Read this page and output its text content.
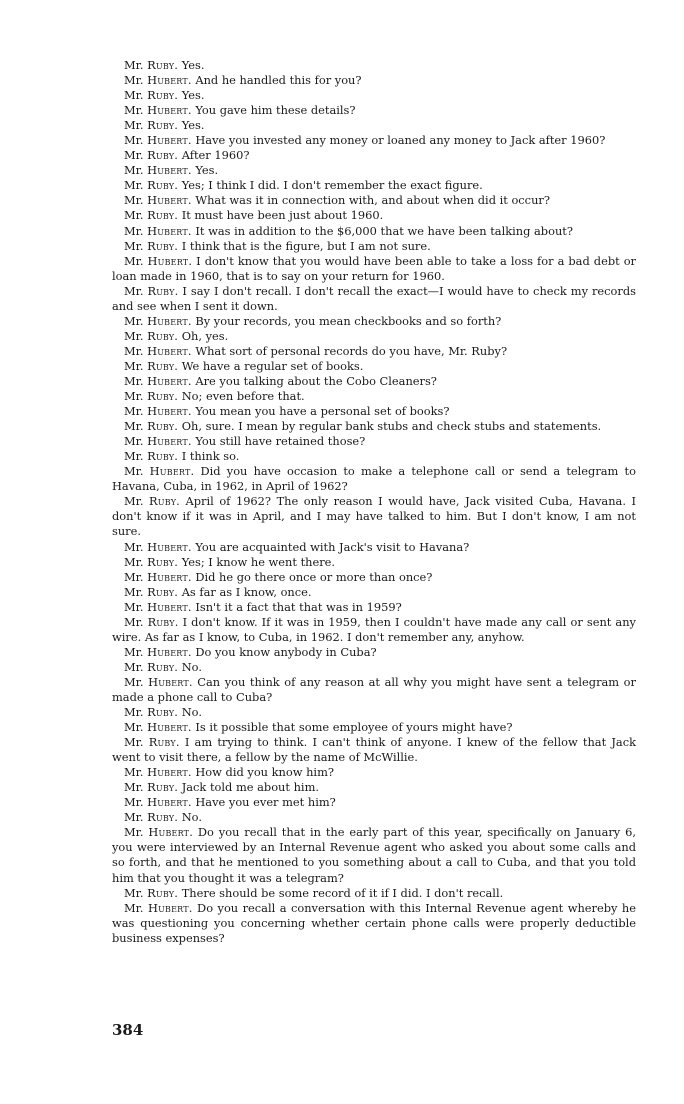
Mr. Ruby. Yes.

Mr. Hubert. And he handled this for you?

Mr. Ruby. Yes.

Mr. Hubert. You gave him these details?

Mr. Ruby. Yes.

Mr. Hubert. Have you invested any money or loaned any money to Jack after 1960?

Mr. Ruby. After 1960?

Mr. Hubert. Yes.

Mr. Ruby. Yes; I think I did. I don't remember the exact figure.

Mr. Hubert. What was it in connection with, and about when did it occur?

Mr. Ruby. It must have been just about 1960.

Mr. Hubert. It was in addition to the $6,000 that we have been talking about?

Mr. Ruby. I think that is the figure, but I am not sure.

Mr. Hubert. I don't know that you would have been able to take a loss for a bad debt or loan made in 1960, that is to say on your return for 1960.

Mr. Ruby. I say I don't recall. I don't recall the exact—I would have to check my records and see when I sent it down.

Mr. Hubert. By your records, you mean checkbooks and so forth?

Mr. Ruby. Oh, yes.

Mr. Hubert. What sort of personal records do you have, Mr. Ruby?

Mr. Ruby. We have a regular set of books.

Mr. Hubert. Are you talking about the Cobo Cleaners?

Mr. Ruby. No; even before that.

Mr. Hubert. You mean you have a personal set of books?

Mr. Ruby. Oh, sure. I mean by regular bank stubs and check stubs and statements.

Mr. Hubert. You still have retained those?

Mr. Ruby. I think so.

Mr. Hubert. Did you have occasion to make a telephone call or send a telegram to Havana, Cuba, in 1962, in April of 1962?

Mr. Ruby. April of 1962? The only reason I would have, Jack visited Cuba, Havana. I don't know if it was in April, and I may have talked to him. But I don't know, I am not sure.

Mr. Hubert. You are acquainted with Jack's visit to Havana?

Mr. Ruby. Yes; I know he went there.

Mr. Hubert. Did he go there once or more than once?

Mr. Ruby. As far as I know, once.

Mr. Hubert. Isn't it a fact that that was in 1959?

Mr. Ruby. I don't know. If it was in 1959, then I couldn't have made any call or sent any wire. As far as I know, to Cuba, in 1962. I don't remember any, anyhow.

Mr. Hubert. Do you know anybody in Cuba?

Mr. Ruby. No.

Mr. Hubert. Can you think of any reason at all why you might have sent a telegram or made a phone call to Cuba?

Mr. Ruby. No.

Mr. Hubert. Is it possible that some employee of yours might have?

Mr. Ruby. I am trying to think. I can't think of anyone. I knew of the fellow that Jack went to visit there, a fellow by the name of McWillie.

Mr. Hubert. How did you know him?

Mr. Ruby. Jack told me about him.

Mr. Hubert. Have you ever met him?

Mr. Ruby. No.

Mr. Hubert. Do you recall that in the early part of this year, specifically on January 6, you were interviewed by an Internal Revenue agent who asked you about some calls and so forth, and that he mentioned to you something about a call to Cuba, and that you told him that you thought it was a telegram?

Mr. Ruby. There should be some record of it if I did. I don't recall.

Mr. Hubert. Do you recall a conversation with this Internal Revenue agent whereby he was questioning you concerning whether certain phone calls were properly deductible business expenses?

384
